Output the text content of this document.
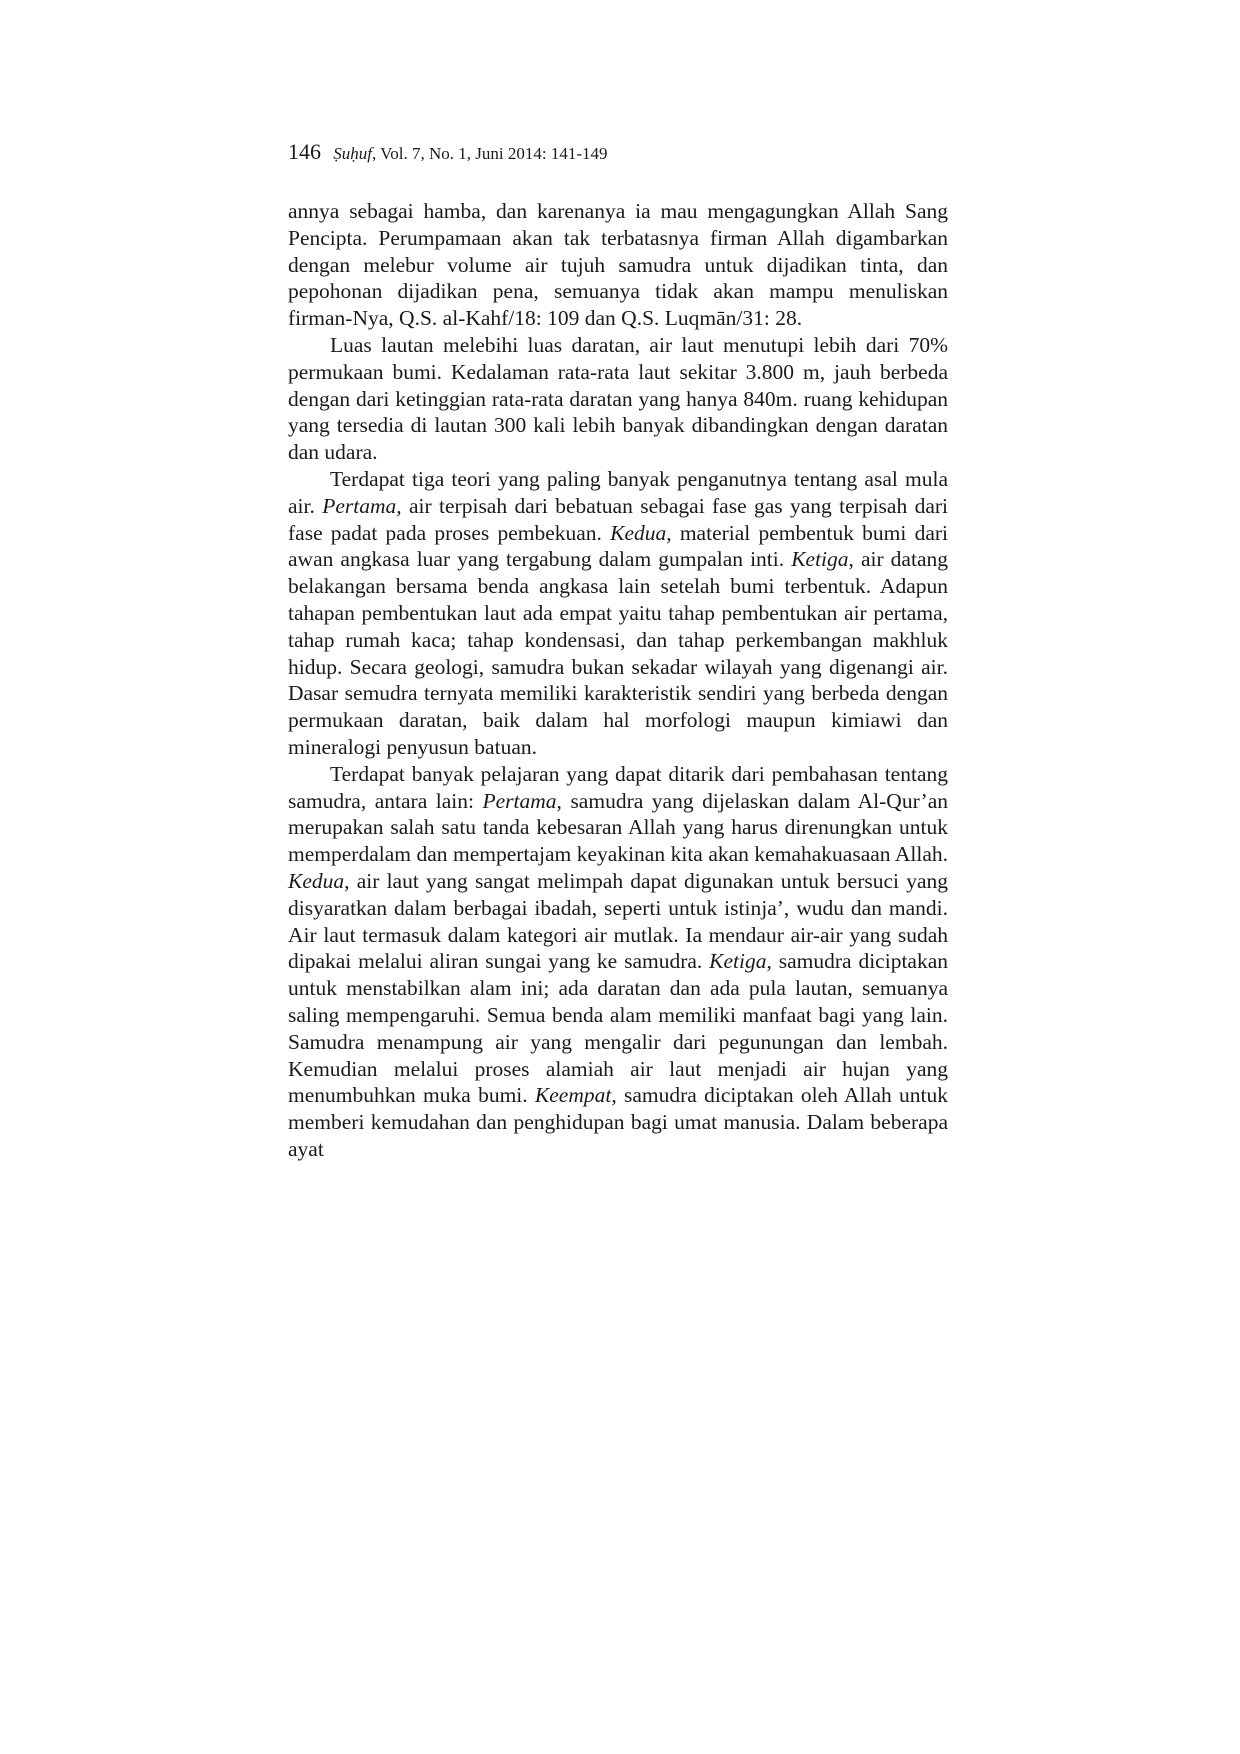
146 Ṣuḥuf, Vol. 7, No. 1, Juni 2014: 141-149

annya sebagai hamba, dan karenanya ia mau mengagungkan Allah Sang Pencipta. Perumpamaan akan tak terbatasnya firman Allah digambarkan dengan melebur volume air tujuh samudra untuk dijadikan tinta, dan pepohonan dijadikan pena, semuanya tidak akan mampu menuliskan firman-Nya, Q.S. al-Kahf/18: 109 dan Q.S. Luqmān/31: 28.

Luas lautan melebihi luas daratan, air laut menutupi lebih dari 70% permukaan bumi. Kedalaman rata-rata laut sekitar 3.800 m, jauh berbeda dengan dari ketinggian rata-rata daratan yang hanya 840m. ruang kehidupan yang tersedia di lautan 300 kali lebih banyak dibandingkan dengan daratan dan udara.

Terdapat tiga teori yang paling banyak penganutnya tentang asal mula air. Pertama, air terpisah dari bebatuan sebagai fase gas yang terpisah dari fase padat pada proses pembekuan. Kedua, material pembentuk bumi dari awan angkasa luar yang tergabung dalam gumpalan inti. Ketiga, air datang belakangan bersama benda angkasa lain setelah bumi terbentuk. Adapun tahapan pembentukan laut ada empat yaitu tahap pembentukan air pertama, tahap rumah kaca; tahap kondensasi, dan tahap perkembangan makhluk hidup. Secara geologi, samudra bukan sekadar wilayah yang digenangi air. Dasar semudra ternyata memiliki karakteristik sendiri yang berbeda dengan permukaan daratan, baik dalam hal morfologi maupun kimiawi dan mineralogi penyusun batuan.

Terdapat banyak pelajaran yang dapat ditarik dari pembahasan tentang samudra, antara lain: Pertama, samudra yang dijelaskan dalam Al-Qur’an merupakan salah satu tanda kebesaran Allah yang harus direnungkan untuk memperdalam dan mempertajam keyakinan kita akan kemahakuasaan Allah. Kedua, air laut yang sangat melimpah dapat digunakan untuk bersuci yang disyaratkan dalam berbagai ibadah, seperti untuk istinja’, wudu dan mandi. Air laut termasuk dalam kategori air mutlak. Ia mendaur air-air yang sudah dipakai melalui aliran sungai yang ke samudra. Ketiga, samudra diciptakan untuk menstabilkan alam ini; ada daratan dan ada pula lautan, semuanya saling mempengaruhi. Semua benda alam memiliki manfaat bagi yang lain. Samudra menampung air yang mengalir dari pegunungan dan lembah. Kemudian melalui proses alamiah air laut menjadi air hujan yang menumbuhkan muka bumi. Keempat, samudra diciptakan oleh Allah untuk memberi kemudahan dan penghidupan bagi umat manusia. Dalam beberapa ayat
